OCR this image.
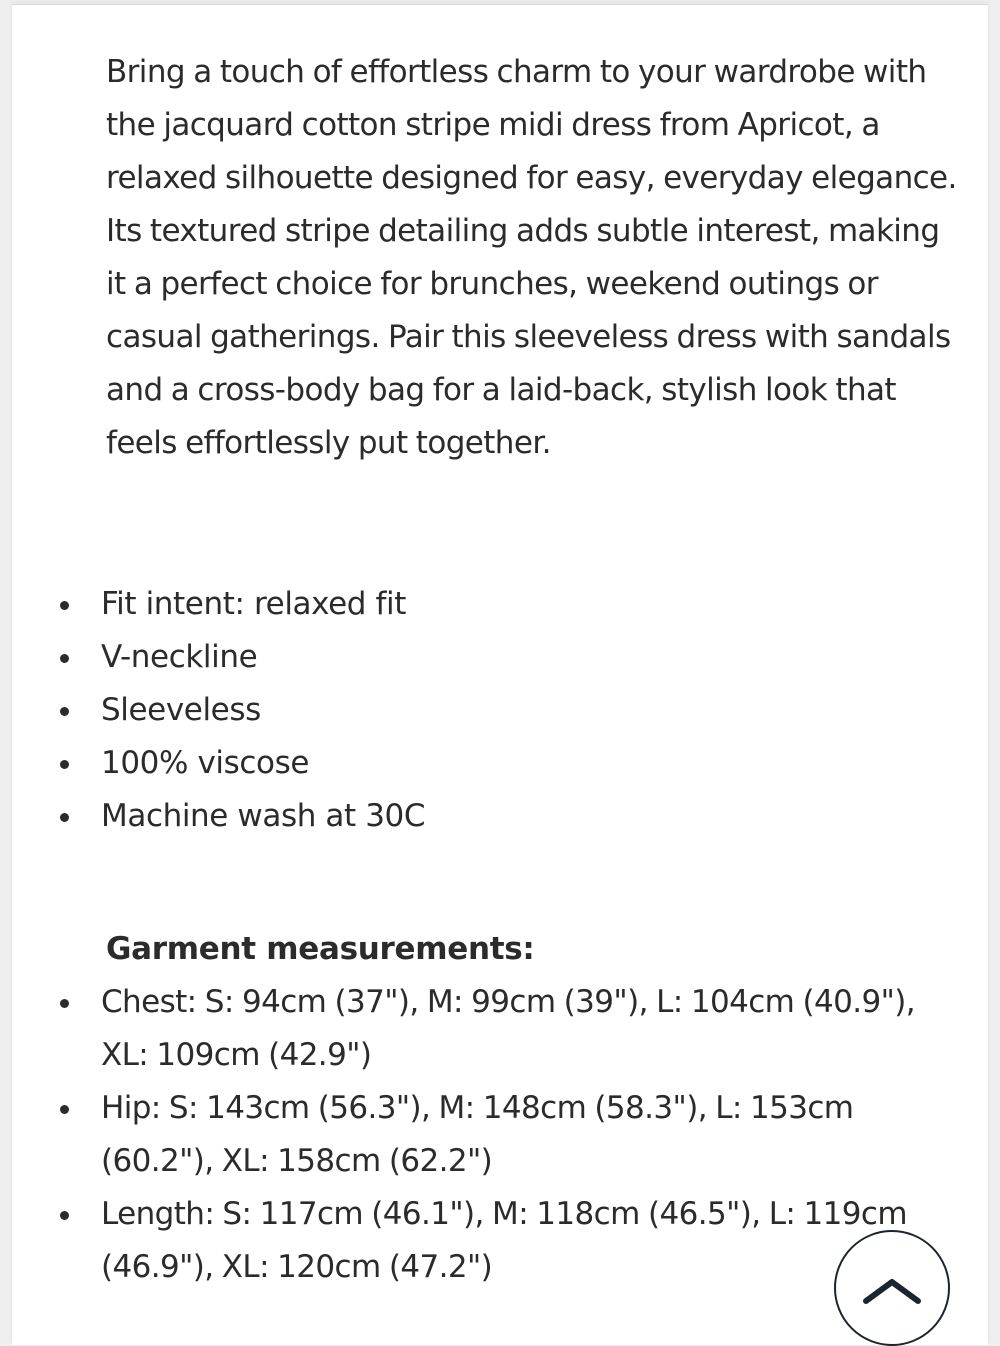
Bring a touch of effortless charm to your wardrobe with the jacquard cotton stripe midi dress from Apricot, a relaxed silhouette designed for easy, everyday elegance. Its textured stripe detailing adds subtle interest, making it a perfect choice for brunches, weekend outings or casual gatherings. Pair this sleeveless dress with sandals and a cross-body bag for a laid-back, stylish look that feels effortlessly put together.

Fit intent: relaxed fit
V-neckline
Sleeveless
100% viscose
Machine wash at 30C

Garment measurements:

Chest: S: 94cm (37"), M: 99cm (39"), L: 104cm (40.9"), XL: 109cm (42.9")
Hip: S: 143cm (56.3"), M: 148cm (58.3"), L: 153cm (60.2"), XL: 158cm (62.2")
Length: S: 117cm (46.1"), M: 118cm (46.5"), L: 119cm (46.9"), XL: 120cm (47.2")
